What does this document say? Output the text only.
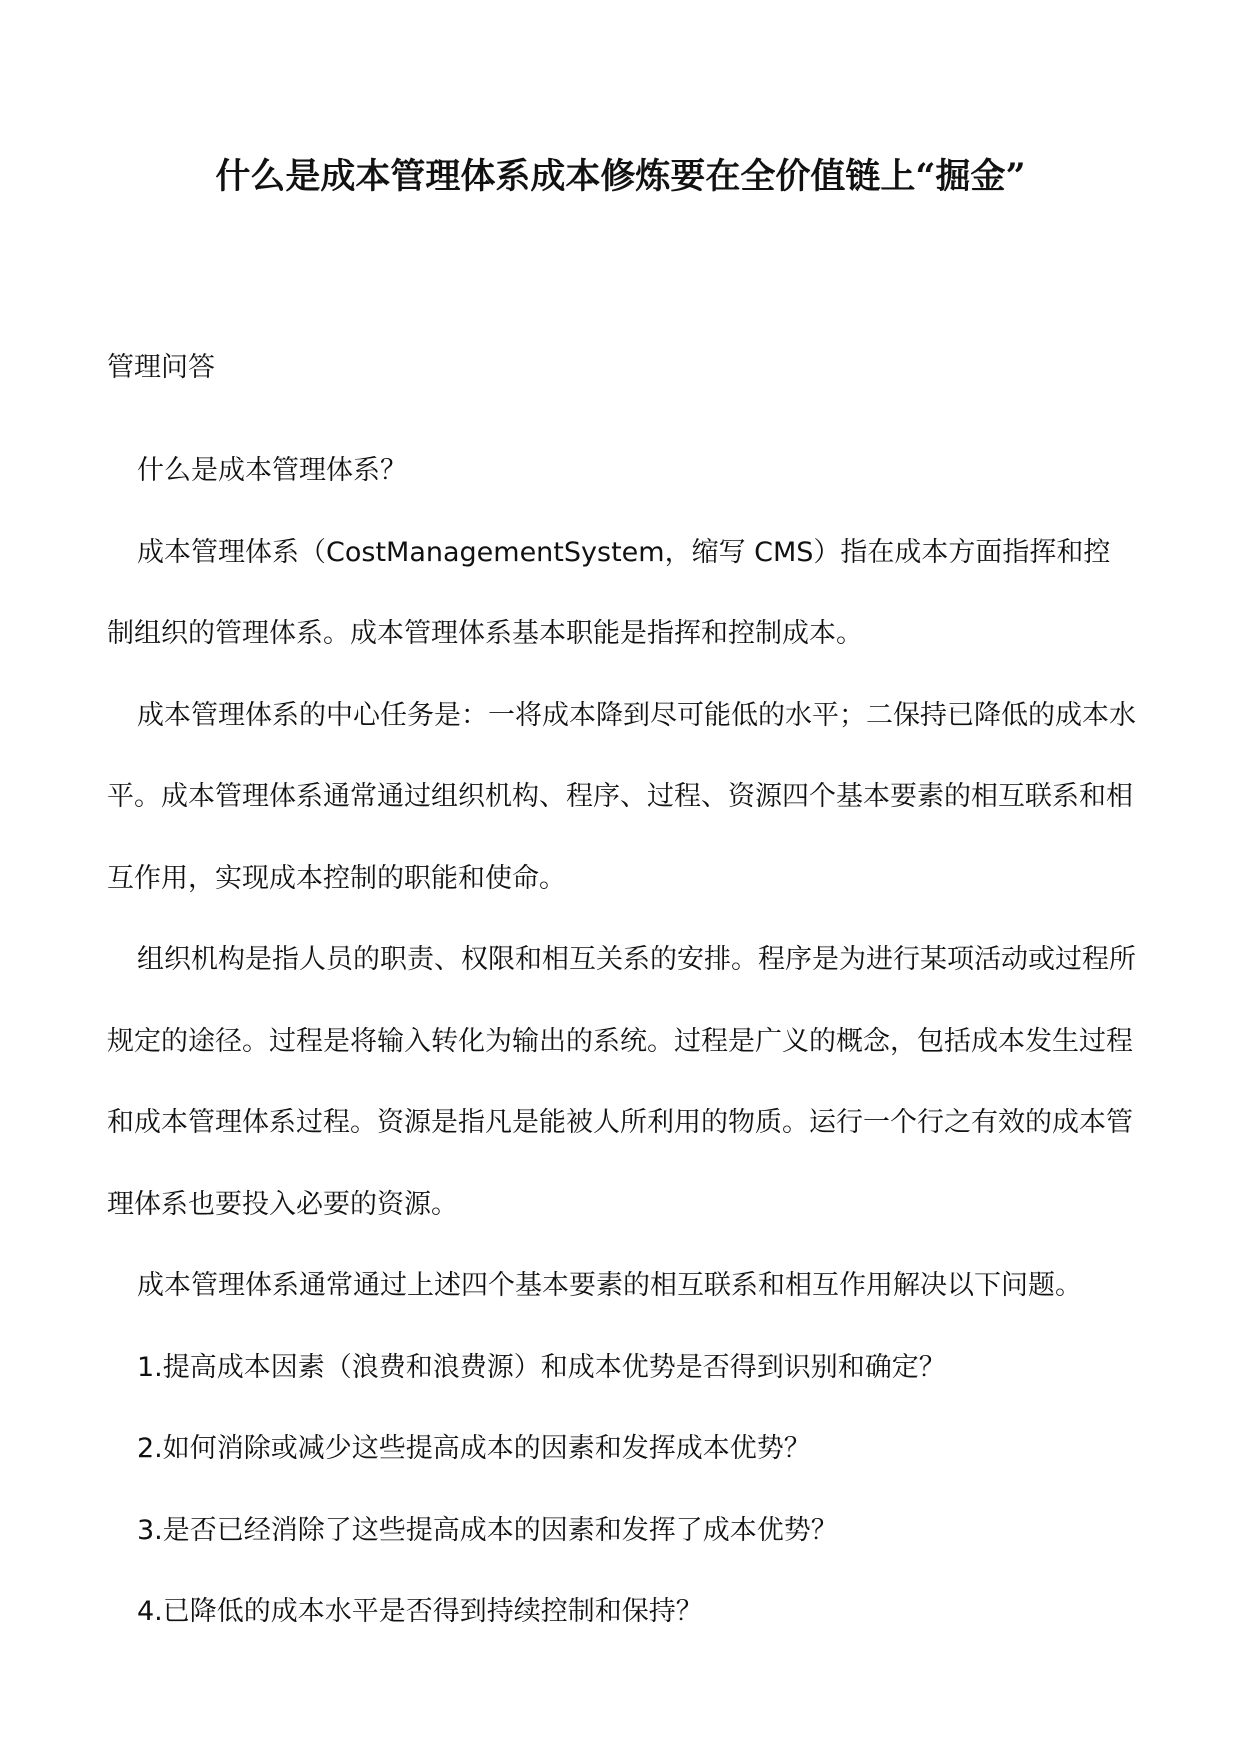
什么是成本管理体系成本修炼要在全价值链上“掘金”
管理问答

什么是成本管理体系？

成本管理体系（CostManagementSystem，缩写 CMS）指在成本方面指挥和控制组织的管理体系。成本管理体系基本职能是指挥和控制成本。

成本管理体系的中心任务是：一将成本降到尽可能低的水平；二保持已降低的成本水平。成本管理体系通常通过组织机构、程序、过程、资源四个基本要素的相互联系和相互作用，实现成本控制的职能和使命。

组织机构是指人员的职责、权限和相互关系的安排。程序是为进行某项活动或过程所规定的途径。过程是将输入转化为输出的系统。过程是广义的概念，包括成本发生过程和成本管理体系过程。资源是指凡是能被人所利用的物质。运行一个行之有效的成本管理体系也要投入必要的资源。

成本管理体系通常通过上述四个基本要素的相互联系和相互作用解决以下问题。

1.提高成本因素（浪费和浪费源）和成本优势是否得到识别和确定？

2.如何消除或减少这些提高成本的因素和发挥成本优势？

3.是否已经消除了这些提高成本的因素和发挥了成本优势？

4.已降低的成本水平是否得到持续控制和保持？
